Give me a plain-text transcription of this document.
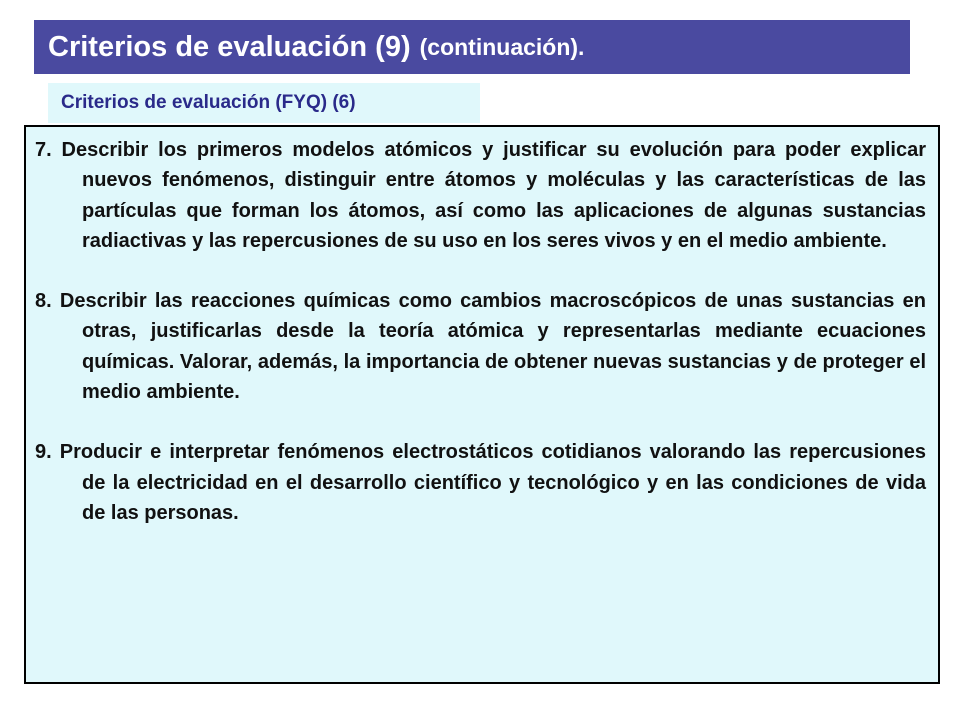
Criterios de evaluación (9) (continuación).
Criterios de evaluación (FYQ) (6)

7. Describir los primeros modelos atómicos y justificar su evolución para poder explicar nuevos fenómenos, distinguir entre átomos y moléculas y las características de las partículas que forman los átomos, así como las aplicaciones de algunas sustancias radiactivas y las repercusiones de su uso en los seres vivos y en el medio ambiente.

8. Describir las reacciones químicas como cambios macroscópicos de unas sustancias en otras, justificarlas desde la teoría atómica y representarlas mediante ecuaciones químicas. Valorar, además, la importancia de obtener nuevas sustancias y de proteger el medio ambiente.

9. Producir e interpretar fenómenos electrostáticos cotidianos valorando las repercusiones de la electricidad en el desarrollo científico y tecnológico y en las condiciones de vida de las personas.
